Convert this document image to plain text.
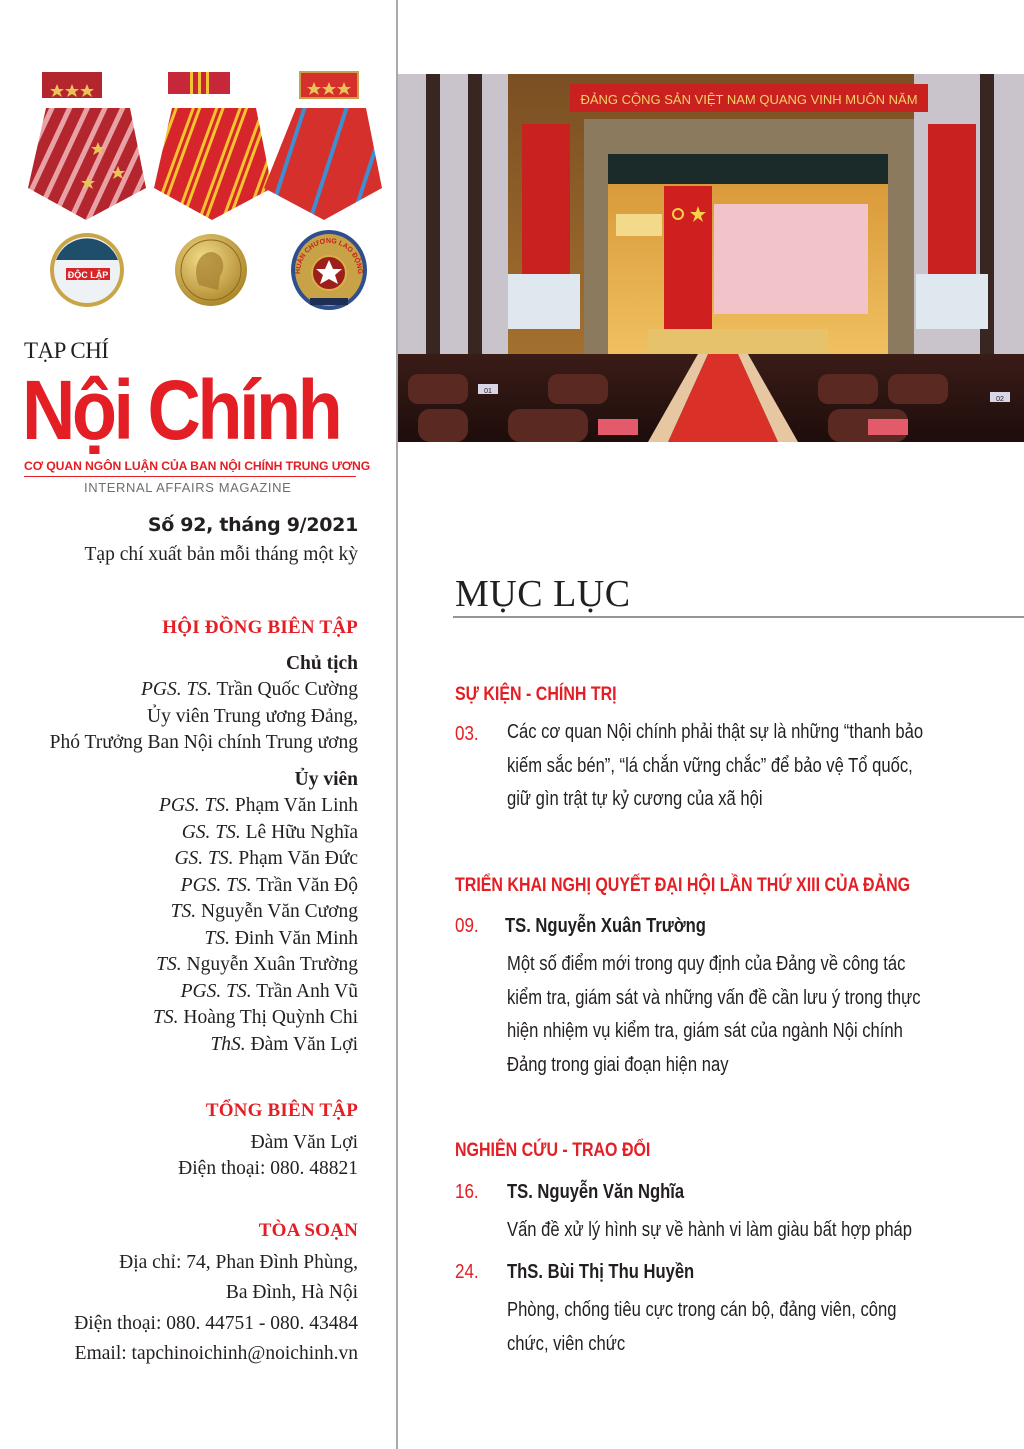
ĐỘC LẬP	HUÂN CHƯƠNG LAO ĐỘNG
TẠP CHÍ
Nội Chính
CƠ QUAN NGÔN LUẬN CỦA BAN NỘI CHÍNH TRUNG ƯƠNG
INTERNAL AFFAIRS MAGAZINE
Số 92, tháng 9/2021
Tạp chí xuất bản mỗi tháng một kỳ
HỘI ĐỒNG BIÊN TẬP
Chủ tịch
PGS. TS. Trần Quốc Cường
Ủy viên Trung ương Đảng,
Phó Trưởng Ban Nội chính Trung ương
Ủy viên
PGS. TS. Phạm Văn Linh
GS. TS. Lê Hữu Nghĩa
GS. TS. Phạm Văn Đức
PGS. TS. Trần Văn Độ
TS. Nguyễn Văn Cương
TS. Đinh Văn Minh
TS. Nguyễn Xuân Trường
PGS. TS. Trần Anh Vũ
TS. Hoàng Thị Quỳnh Chi
ThS. Đàm Văn Lợi
TỔNG BIÊN TẬP
Đàm Văn Lợi
Điện thoại: 080. 48821
TÒA SOẠN
Địa chỉ: 74, Phan Đình Phùng,
Ba Đình, Hà Nội
Điện thoại: 080. 44751 - 080. 43484
Email: tapchinoichinh@noichinh.vn
ĐẢNG CỘNG SẢN VIỆT NAM QUANG VINH MUÔN NĂM
01
02
MỤC LỤC
SỰ KIỆN - CHÍNH TRỊ
03. Các cơ quan Nội chính phải thật sự là những “thanh bảo
kiếm sắc bén”, “lá chắn vững chắc” để bảo vệ Tổ quốc,
giữ gìn trật tự kỷ cương của xã hội
TRIỂN KHAI NGHỊ QUYẾT ĐẠI HỘI LẦN THỨ XIII CỦA ĐẢNG
09. TS. Nguyễn Xuân Trường
Một số điểm mới trong quy định của Đảng về công tác
kiểm tra, giám sát và những vấn đề cần lưu ý trong thực
hiện nhiệm vụ kiểm tra, giám sát của ngành Nội chính
Đảng trong giai đoạn hiện nay
NGHIÊN CỨU - TRAO ĐỔI
16. TS. Nguyễn Văn Nghĩa
Vấn đề xử lý hình sự về hành vi làm giàu bất hợp pháp
24. ThS. Bùi Thị Thu Huyền
Phòng, chống tiêu cực trong cán bộ, đảng viên, công
chức, viên chức
